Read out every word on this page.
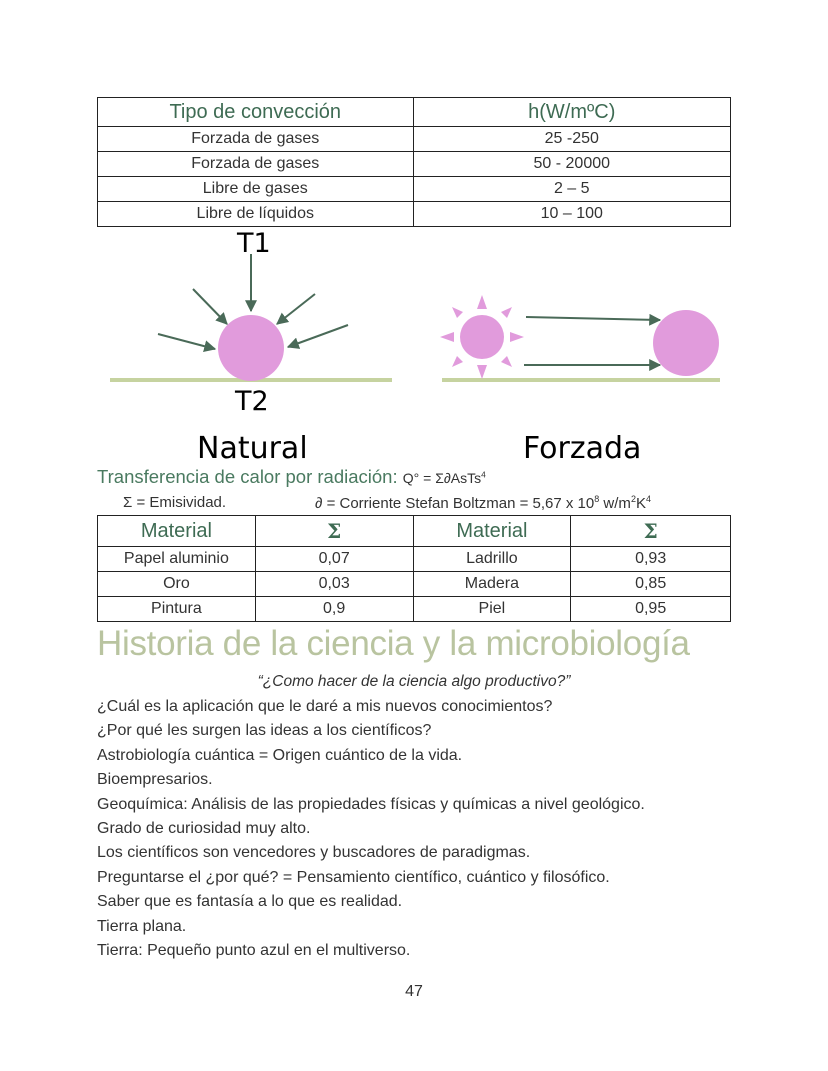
Tipo de convección	h(W/mºC)
Forzada de gases	25 -250
Forzada de gases	50 - 20000
Libre de gases	2 – 5
Libre de líquidos	10 – 100
T1
T2
Natural	Forzada
Transferencia de calor por radiación: Q° = Σ∂AsTs$^4$
Σ = Emisividad.	∂ = Corriente Stefan Boltzman = 5,67 x $10^8$ $w/m^2K^4$
Material	Σ	Material	Σ
Papel aluminio	0,07	Ladrillo	0,93
Oro	0,03	Madera	0,85
Pintura	0,9	Piel	0,95
Historia de la ciencia y la microbiología
“¿Como hacer de la ciencia algo productivo?”
¿Cuál es la aplicación que le daré a mis nuevos conocimientos?
¿Por qué les surgen las ideas a los científicos?
Astrobiología cuántica = Origen cuántico de la vida.
Bioempresarios.
Geoquímica: Análisis de las propiedades físicas y químicas a nivel geológico.
Grado de curiosidad muy alto.
Los científicos son vencedores y buscadores de paradigmas.
Preguntarse el ¿por qué? = Pensamiento científico, cuántico y filosófico.
Saber que es fantasía a lo que es realidad.
Tierra plana.
Tierra: Pequeño punto azul en el multiverso.
47
